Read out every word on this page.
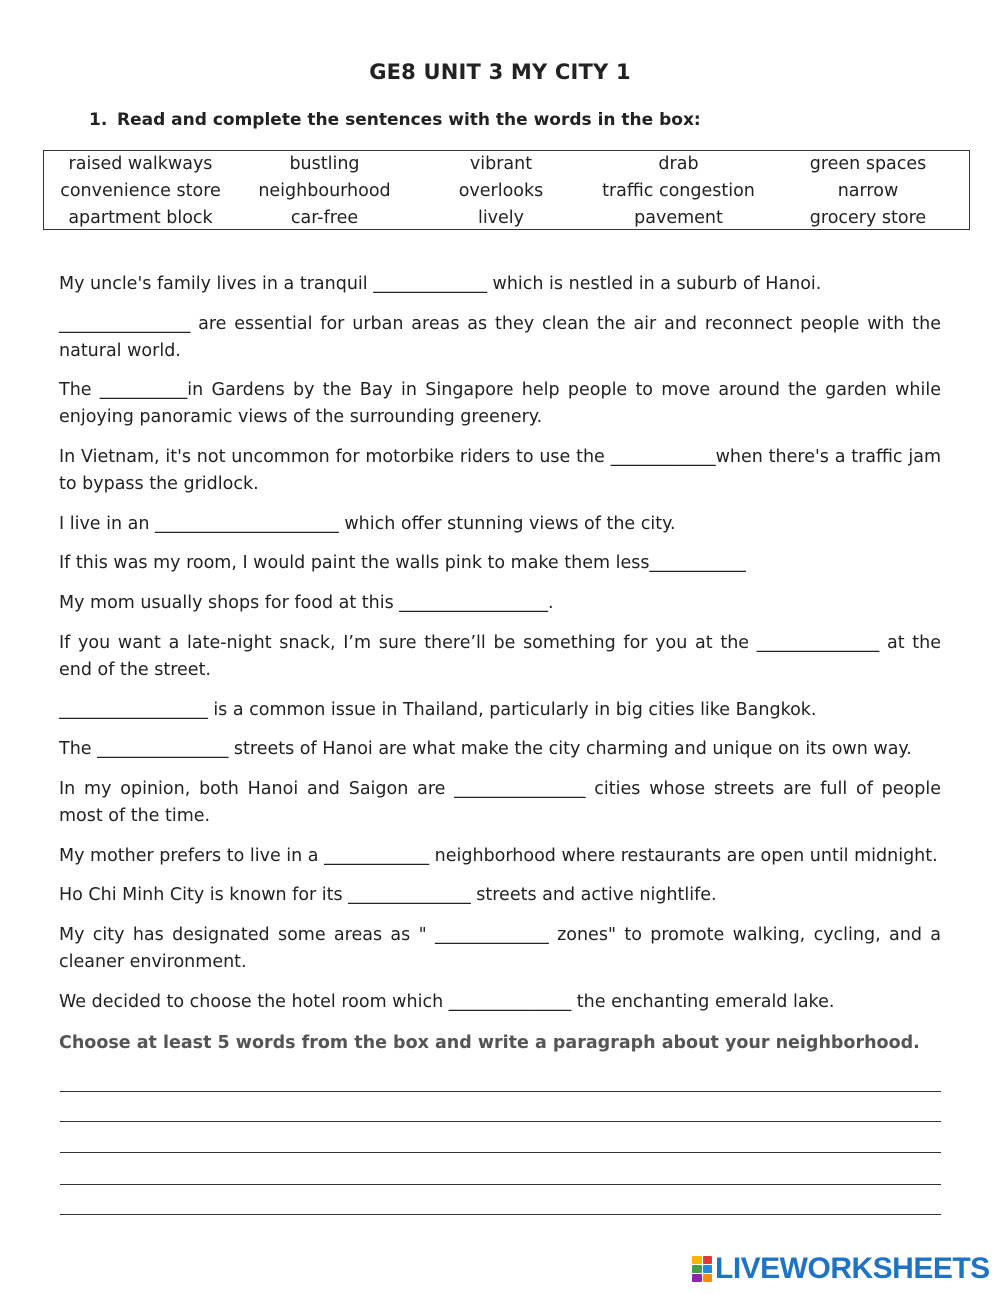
GE8 UNIT 3 MY CITY 1
1. Read and complete the sentences with the words in the box:
raised walkways	bustling	vibrant	drab	green spaces
convenience store	neighbourhood	overlooks	traffic congestion	narrow
apartment block	car-free	lively	pavement	grocery store

My uncle's family lives in a tranquil _____________ which is nestled in a suburb of Hanoi.

_______________ are essential for urban areas as they clean the air and reconnect people with the natural world.

The __________in Gardens by the Bay in Singapore help people to move around the garden while enjoying panoramic views of the surrounding greenery.

In Vietnam, it's not uncommon for motorbike riders to use the ____________when there's a traffic jam to bypass the gridlock.

I live in an _____________________ which offer stunning views of the city.

If this was my room, I would paint the walls pink to make them less___________

My mom usually shops for food at this _________________.

If you want a late-night snack, I’m sure there’ll be something for you at the ______________ at the end of the street.

_________________ is a common issue in Thailand, particularly in big cities like Bangkok.

The _______________ streets of Hanoi are what make the city charming and unique on its own way.

In my opinion, both Hanoi and Saigon are _______________ cities whose streets are full of people most of the time.

My mother prefers to live in a ____________ neighborhood where restaurants are open until midnight.

Ho Chi Minh City is known for its ______________ streets and active nightlife.

My city has designated some areas as " _____________ zones" to promote walking, cycling, and a cleaner environment.

We decided to choose the hotel room which ______________ the enchanting emerald lake.

Choose at least 5 words from the box and write a paragraph about your neighborhood.
LIVEWORKSHEETS
